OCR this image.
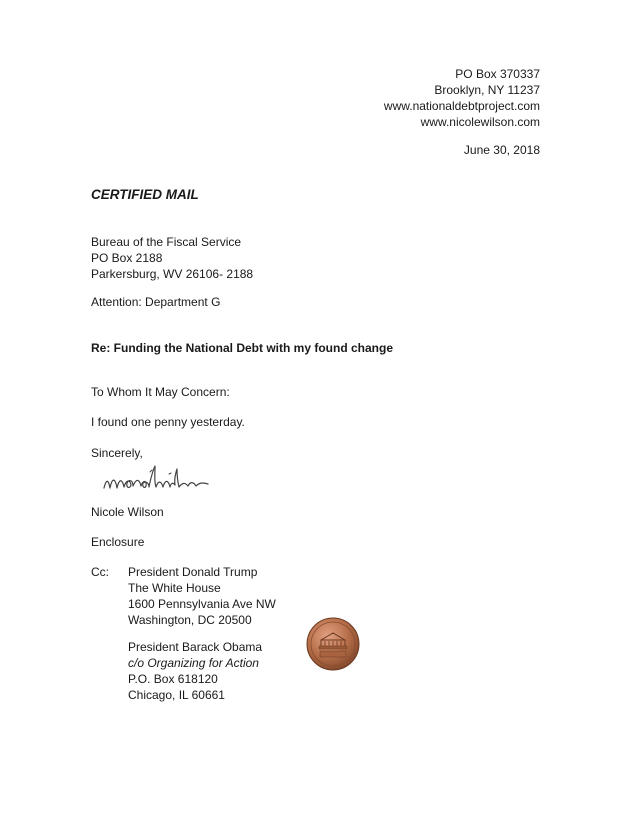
PO Box 370337
Brooklyn, NY 11237
www.nationaldebtproject.com
www.nicolewilson.com
June 30, 2018
CERTIFIED MAIL
Bureau of the Fiscal Service
PO Box 2188
Parkersburg, WV 26106- 2188
Attention: Department G
Re: Funding the National Debt with my found change
To Whom It May Concern:
I found one penny yesterday.
Sincerely,
Nicole Wilson
Enclosure
Cc: President Donald Trump
The White House
1600 Pennsylvania Ave NW
Washington, DC 20500
President Barack Obama
c/o Organizing for Action
P.O. Box 618120
Chicago, IL 60661
